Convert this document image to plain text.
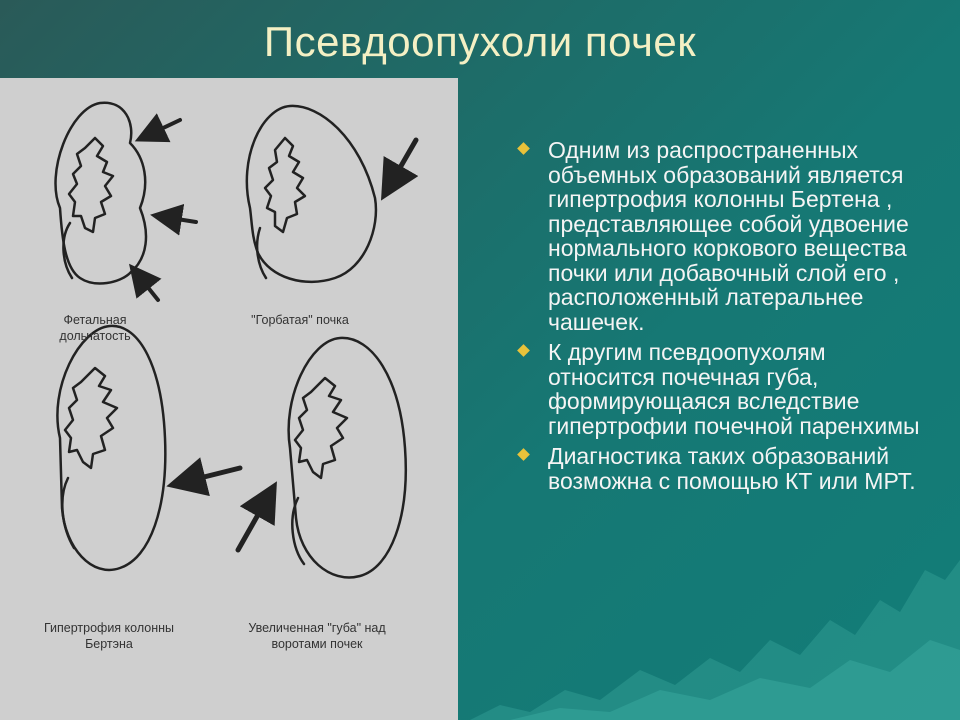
Псевдоопухоли почек
Фетальная
дольчатость
"Горбатая" почка
Гипертрофия колонны
Бертэна
Увеличенная "губа" над
воротами почек
Одним из распространенных объемных образований является гипертрофия колонны Бертена , представляющее собой удвоение нормального коркового вещества почки или добавочный слой его , расположенный латеральнее чашечек.
К другим псевдоопухолям относится почечная губа, формирующаяся вследствие гипертрофии почечной паренхимы
Диагностика таких образований возможна с помощью КТ или МРТ.
